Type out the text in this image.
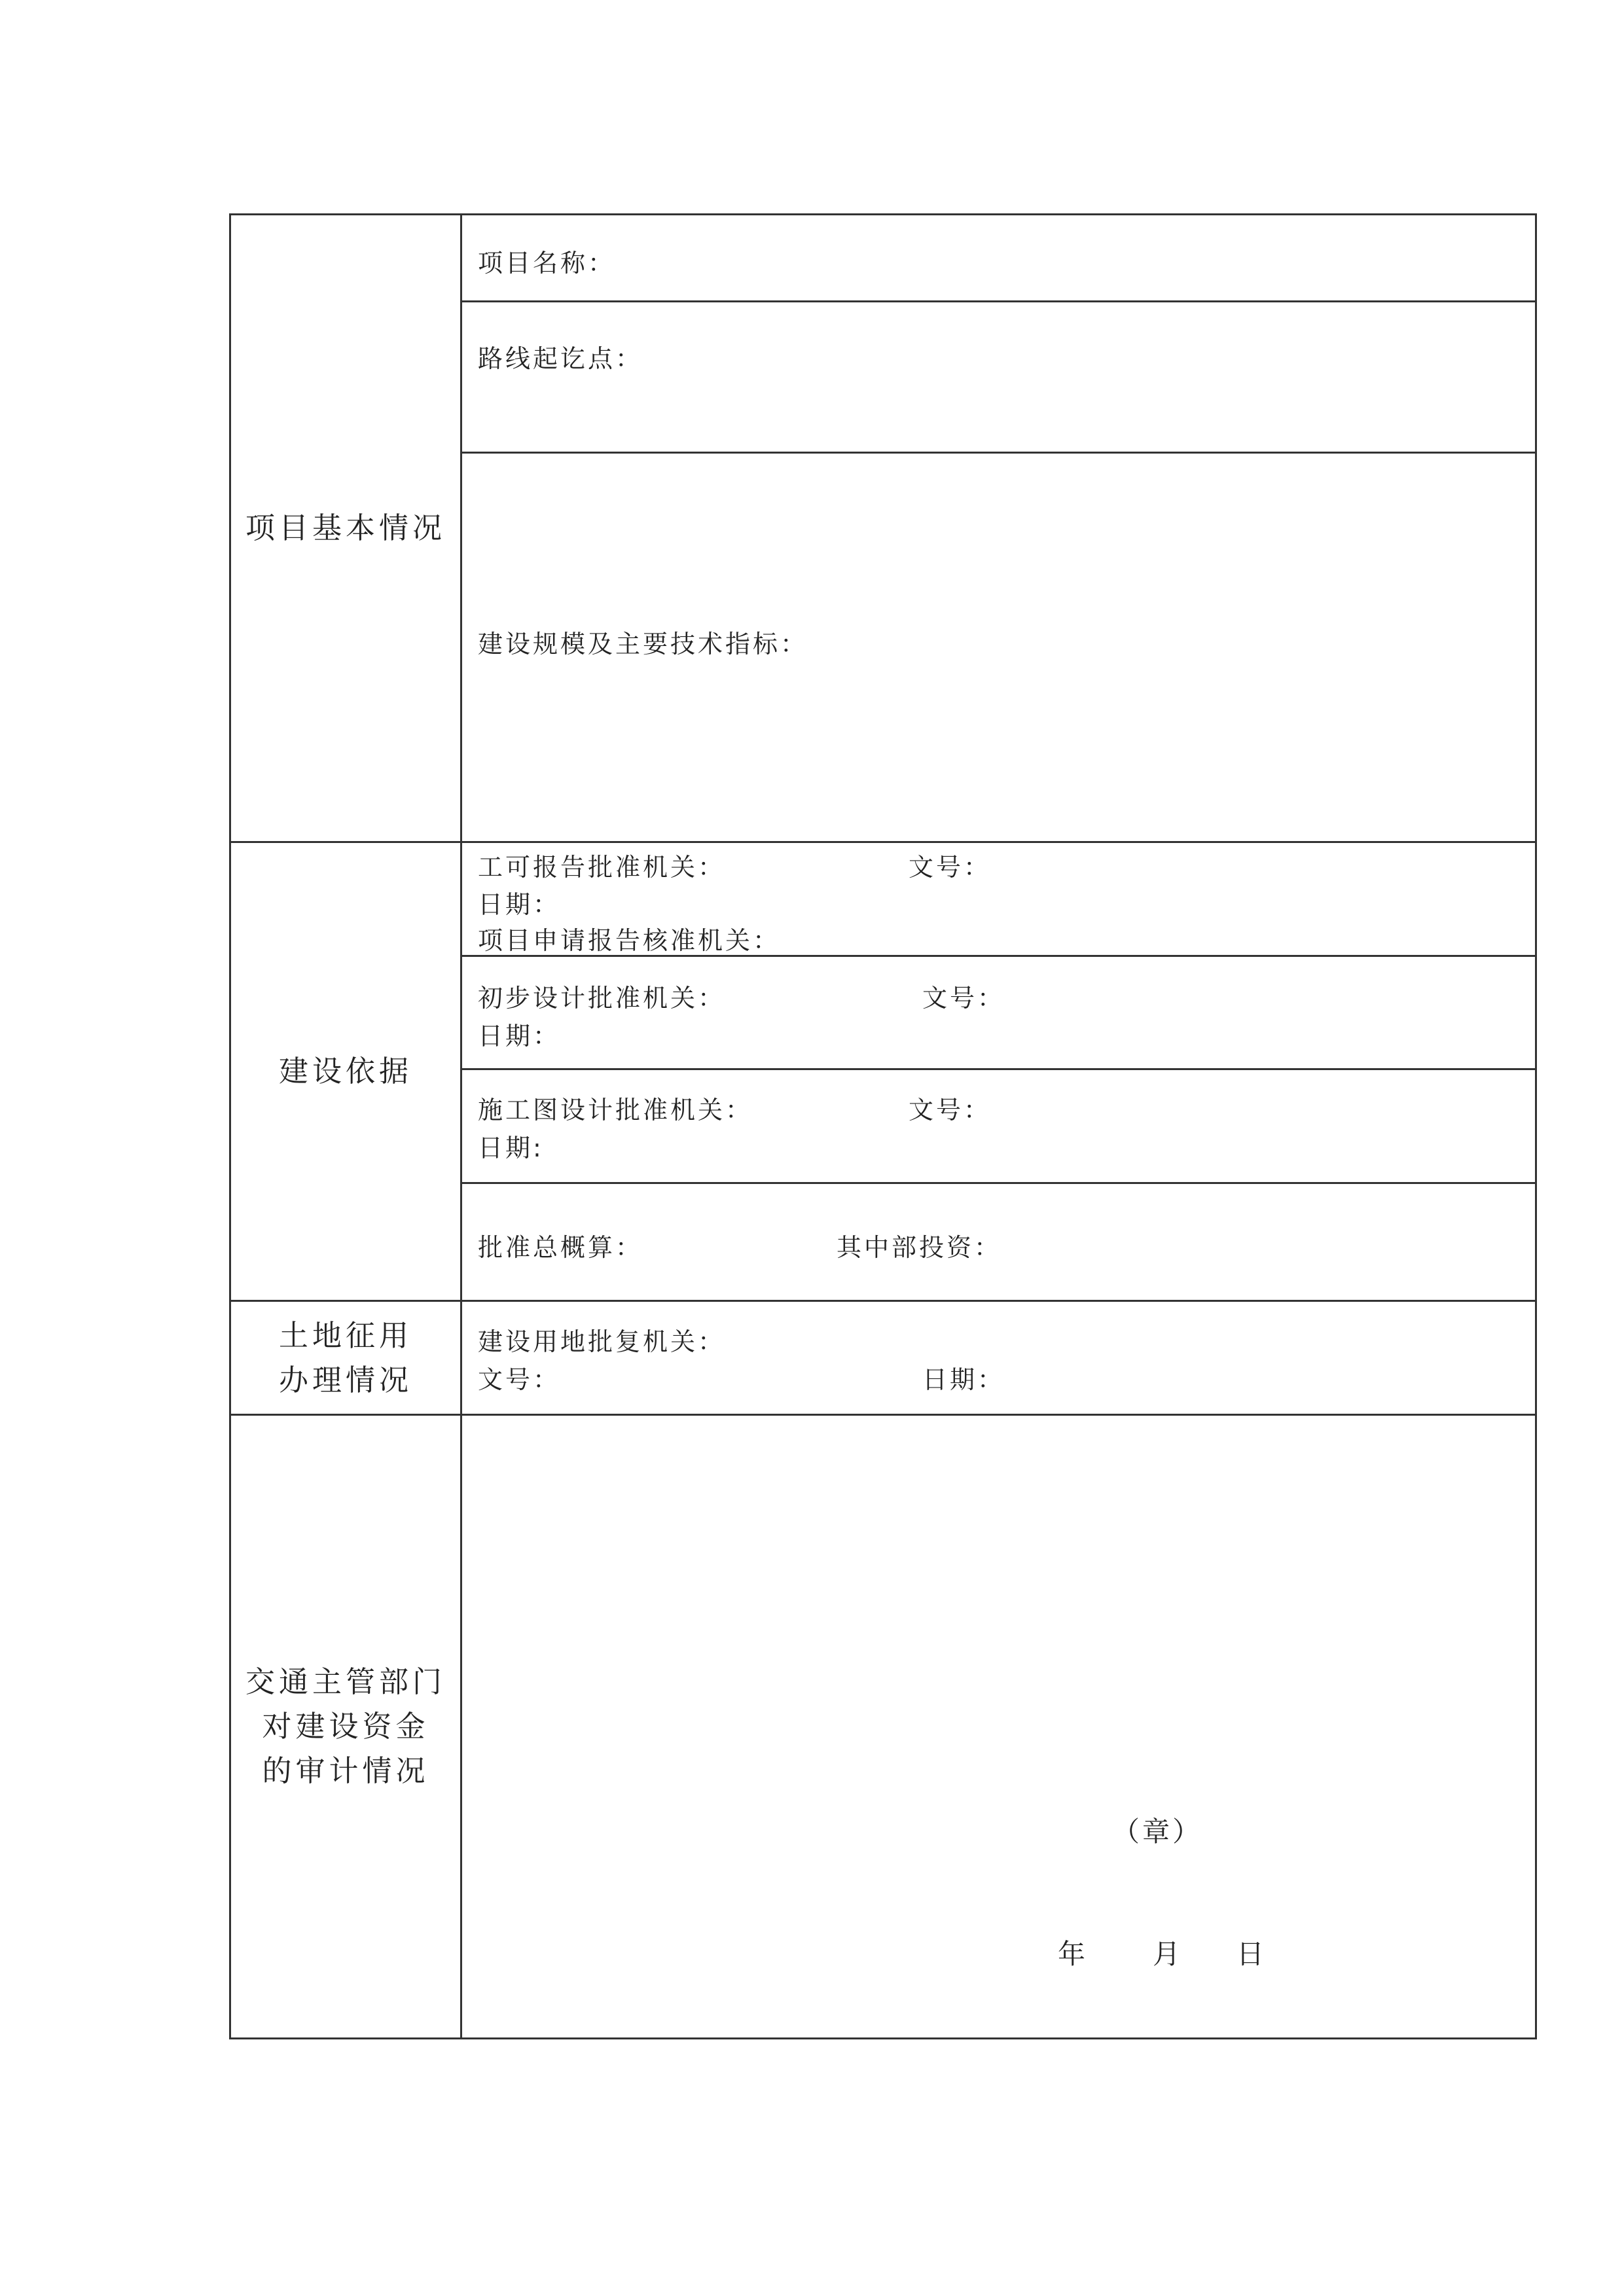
项目基本情况	项目名称：

	路线起讫点：

	建设规模及主要技术指标：

建设依据	工可报告批准机关： 文号：
日期：
项目申请报告核准机关：

	初步设计批准机关： 文号：
日期：

	施工图设计批准机关： 文号：
日期:

	批准总概算： 其中部投资：

土地征用
办理情况	建设用地批复机关：
文号： 日期：

交通主管部门
对建设资金
的审计情况	（章）
年 月 日
